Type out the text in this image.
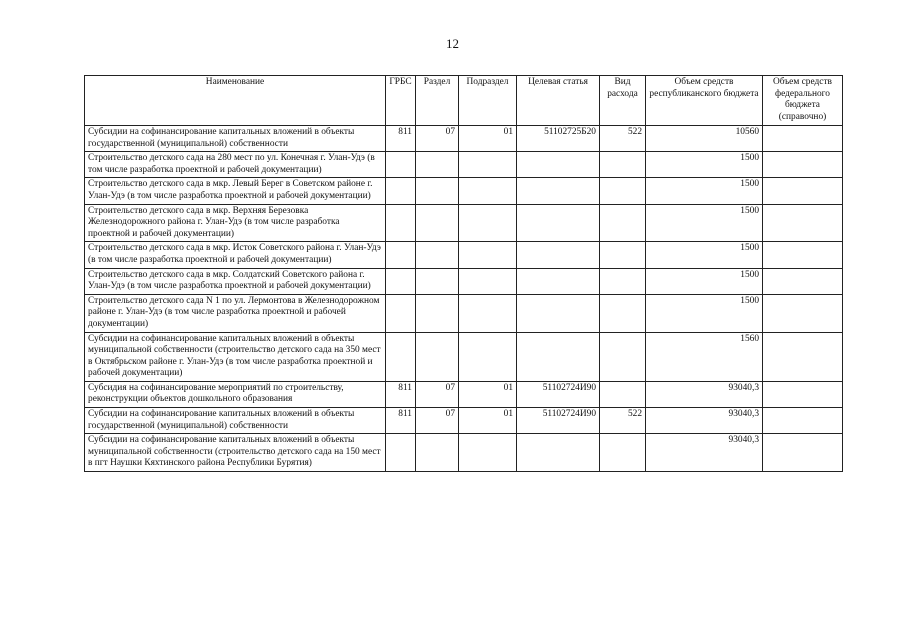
12
Наименование	ГРБС	Раздел	Подраздел	Целевая статья	Вид расхода	Объем средств республиканского бюджета	Объем средств федерального бюджета (справочно)
Субсидии на софинансирование капитальных вложений в объекты государственной (муниципальной) собственности	811	07	01	51102725Б20	522	10560	
Строительство детского сада на 280 мест по ул. Конечная г. Улан-Удэ (в том числе разработка проектной и рабочей документации)						1500	
Строительство детского сада в мкр. Левый Берег в Советском районе г. Улан-Удэ (в том числе разработка проектной и рабочей документации)						1500	
Строительство детского сада в мкр. Верхняя Березовка Железнодорожного района г. Улан-Удэ (в том числе разработка проектной и рабочей документации)						1500	
Строительство детского сада в мкр. Исток Советского района г. Улан-Удэ (в том числе разработка проектной и рабочей документации)						1500	
Строительство детского сада в мкр. Солдатский Советского района г. Улан-Удэ (в том числе разработка проектной и рабочей документации)						1500	
Строительство детского сада N 1 по ул. Лермонтова в Железнодорожном районе г. Улан-Удэ (в том числе разработка проектной и рабочей документации)						1500	
Субсидии на софинансирование капитальных вложений в объекты муниципальной собственности (строительство детского сада на 350 мест в Октябрьском районе г. Улан-Удэ (в том числе разработка проектной и рабочей документации)						1560	
Субсидия на софинансирование мероприятий по строительству, реконструкции объектов дошкольного образования	811	07	01	51102724И90		93040,3	
Субсидии на софинансирование капитальных вложений в объекты государственной (муниципальной) собственности	811	07	01	51102724И90	522	93040,3	
Субсидии на софинансирование капитальных вложений в объекты муниципальной собственности (строительство детского сада на 150 мест в пгт Наушки Кяхтинского района Республики Бурятия)						93040,3	
